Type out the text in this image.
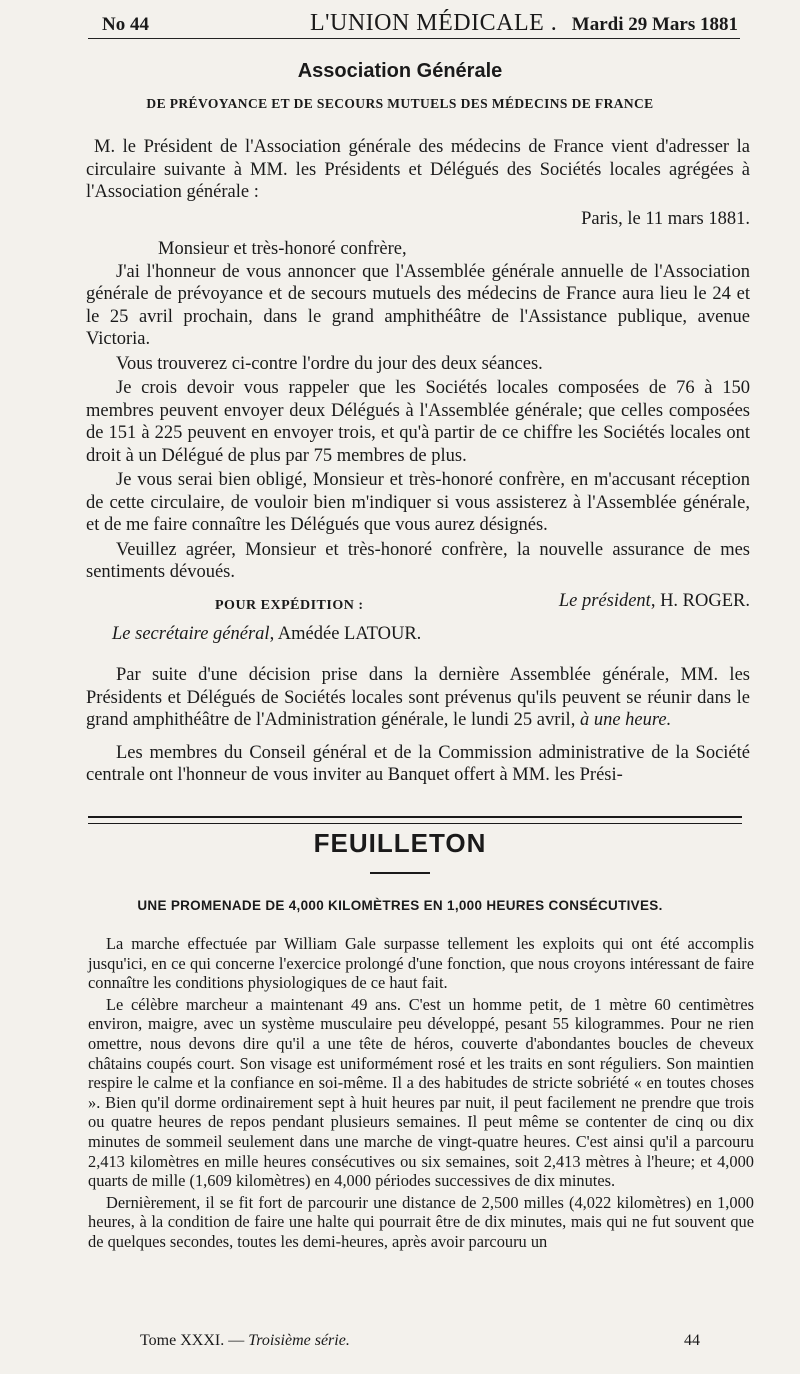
No 44	L'UNION MÉDICALE . Mardi 29 Mars 1881
Association Générale
DE PRÉVOYANCE ET DE SECOURS MUTUELS DES MÉDECINS DE FRANCE

M. le Président de l'Association générale des médecins de France vient d'adresser la circulaire suivante à MM. les Présidents et Délégués des Sociétés locales agrégées à l'Association générale :

Paris, le 11 mars 1881.

Monsieur et très-honoré confrère,

J'ai l'honneur de vous annoncer que l'Assemblée générale annuelle de l'Association générale de prévoyance et de secours mutuels des médecins de France aura lieu le 24 et le 25 avril prochain, dans le grand amphithéâtre de l'Assistance publique, avenue Victoria.

Vous trouverez ci-contre l'ordre du jour des deux séances.

Je crois devoir vous rappeler que les Sociétés locales composées de 76 à 150 membres peuvent envoyer deux Délégués à l'Assemblée générale; que celles composées de 151 à 225 peuvent en envoyer trois, et qu'à partir de ce chiffre les Sociétés locales ont droit à un Délégué de plus par 75 membres de plus.

Je vous serai bien obligé, Monsieur et très-honoré confrère, en m'accusant réception de cette circulaire, de vouloir bien m'indiquer si vous assisterez à l'Assemblée générale, et de me faire connaître les Délégués que vous aurez désignés.

Veuillez agréer, Monsieur et très-honoré confrère, la nouvelle assurance de mes sentiments dévoués.

Le président, H. ROGER.

POUR EXPÉDITION :
Le secrétaire général, Amédée LATOUR.

Par suite d'une décision prise dans la dernière Assemblée générale, MM. les Présidents et Délégués de Sociétés locales sont prévenus qu'ils peuvent se réunir dans le grand amphithéâtre de l'Administration générale, le lundi 25 avril, à une heure.

Les membres du Conseil général et de la Commission administrative de la Société centrale ont l'honneur de vous inviter au Banquet offert à MM. les Prési-

FEUILLETON
UNE PROMENADE DE 4,000 KILOMÈTRES EN 1,000 HEURES CONSÉCUTIVES.

La marche effectuée par William Gale surpasse tellement les exploits qui ont été accomplis jusqu'ici, en ce qui concerne l'exercice prolongé d'une fonction, que nous croyons intéressant de faire connaître les conditions physiologiques de ce haut fait.

Le célèbre marcheur a maintenant 49 ans. C'est un homme petit, de 1 mètre 60 centimètres environ, maigre, avec un système musculaire peu développé, pesant 55 kilogrammes. Pour ne rien omettre, nous devons dire qu'il a une tête de héros, couverte d'abondantes boucles de cheveux châtains coupés court. Son visage est uniformément rosé et les traits en sont réguliers. Son maintien respire le calme et la confiance en soi-même. Il a des habitudes de stricte sobriété « en toutes choses ». Bien qu'il dorme ordinairement sept à huit heures par nuit, il peut facilement ne prendre que trois ou quatre heures de repos pendant plusieurs semaines. Il peut même se contenter de cinq ou dix minutes de sommeil seulement dans une marche de vingt-quatre heures. C'est ainsi qu'il a parcouru 2,413 kilomètres en mille heures consécutives ou six semaines, soit 2,413 mètres à l'heure; et 4,000 quarts de mille (1,609 kilomètres) en 4,000 périodes successives de dix minutes.

Dernièrement, il se fit fort de parcourir une distance de 2,500 milles (4,022 kilomètres) en 1,000 heures, à la condition de faire une halte qui pourrait être de dix minutes, mais qui ne fut souvent que de quelques secondes, toutes les demi-heures, après avoir parcouru un

Tome XXXI. — Troisième série.	44
